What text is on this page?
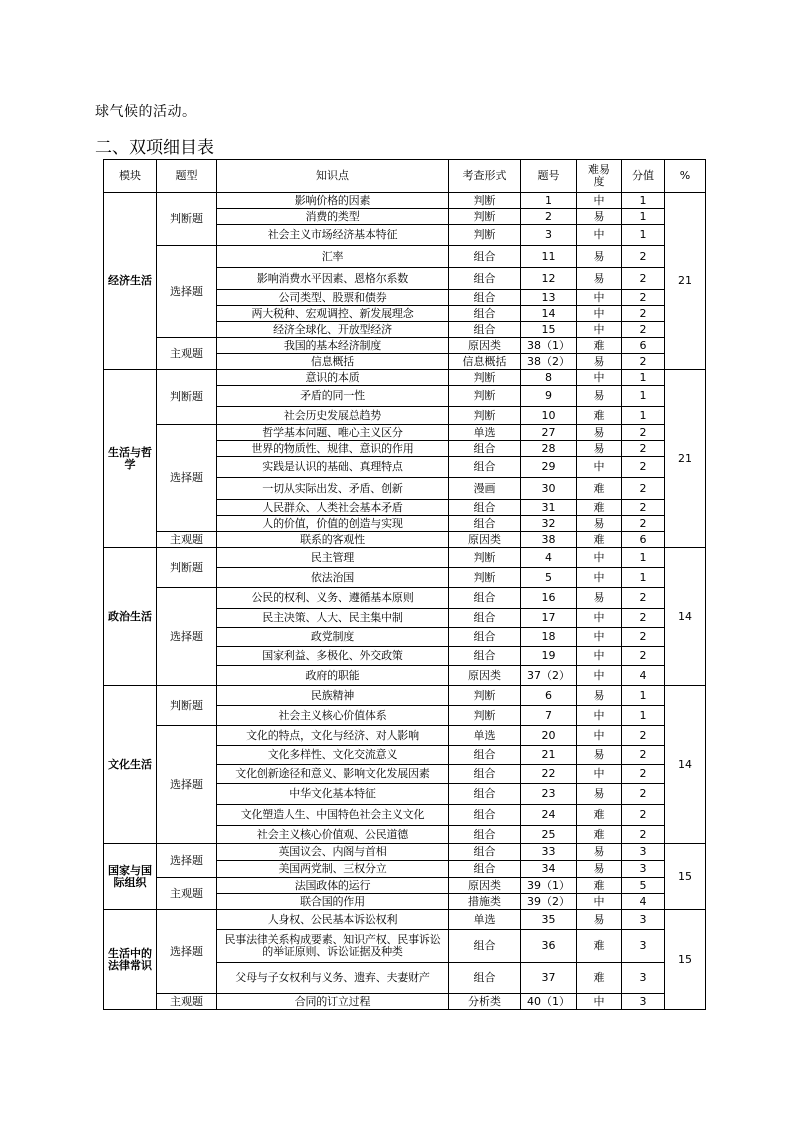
球气候的活动。
二、双项细目表
模块	题型	知识点	考查形式	题号	难易度	分值	%
经济生活	判断题	影响价格的因素	判断	1	中	1	21
		消费的类型	判断	2	易	1	
		社会主义市场经济基本特征	判断	3	中	1	
	选择题	汇率	组合	11	易	2	
		影响消费水平因素、恩格尔系数	组合	12	易	2	
		公司类型、股票和债券	组合	13	中	2	
		两大税种、宏观调控、新发展理念	组合	14	中	2	
		经济全球化、开放型经济	组合	15	中	2	
	主观题	我国的基本经济制度	原因类	38（1）	难	6	
		信息概括	信息概括	38（2）	易	2	
生活与哲学	判断题	意识的本质	判断	8	中	1	21
		矛盾的同一性	判断	9	易	1	
		社会历史发展总趋势	判断	10	难	1	
	选择题	哲学基本问题、唯心主义区分	单选	27	易	2	
		世界的物质性、规律、意识的作用	组合	28	易	2	
		实践是认识的基础、真理特点	组合	29	中	2	
		一切从实际出发、矛盾、创新	漫画	30	难	2	
		人民群众、人类社会基本矛盾	组合	31	难	2	
		人的价值，价值的创造与实现	组合	32	易	2	
	主观题	联系的客观性	原因类	38	难	6	
政治生活	判断题	民主管理	判断	4	中	1	14
		依法治国	判断	5	中	1	
	选择题	公民的权利、义务、遵循基本原则	组合	16	易	2	
		民主决策、人大、民主集中制	组合	17	中	2	
		政党制度	组合	18	中	2	
		国家利益、多极化、外交政策	组合	19	中	2	
		政府的职能	原因类	37（2）	中	4	
文化生活	判断题	民族精神	判断	6	易	1	14
		社会主义核心价值体系	判断	7	中	1	
	选择题	文化的特点，文化与经济、对人影响	单选	20	中	2	
		文化多样性、文化交流意义	组合	21	易	2	
		文化创新途径和意义、影响文化发展因素	组合	22	中	2	
		中华文化基本特征	组合	23	易	2	
		文化塑造人生、中国特色社会主义文化	组合	24	难	2	
		社会主义核心价值观、公民道德	组合	25	难	2	
国家与国际组织	选择题	英国议会、内阁与首相	组合	33	易	3	15
		美国两党制、三权分立	组合	34	易	3	
	主观题	法国政体的运行	原因类	39（1）	难	5	
		联合国的作用	措施类	39（2）	中	4	
生活中的法律常识	选择题	人身权、公民基本诉讼权利	单选	35	易	3	15
		民事法律关系构成要素、知识产权、民事诉讼的举证原则、诉讼证据及种类	组合	36	难	3	
		父母与子女权利与义务、遗弃、夫妻财产	组合	37	难	3	
	主观题	合同的订立过程	分析类	40（1）	中	3	
